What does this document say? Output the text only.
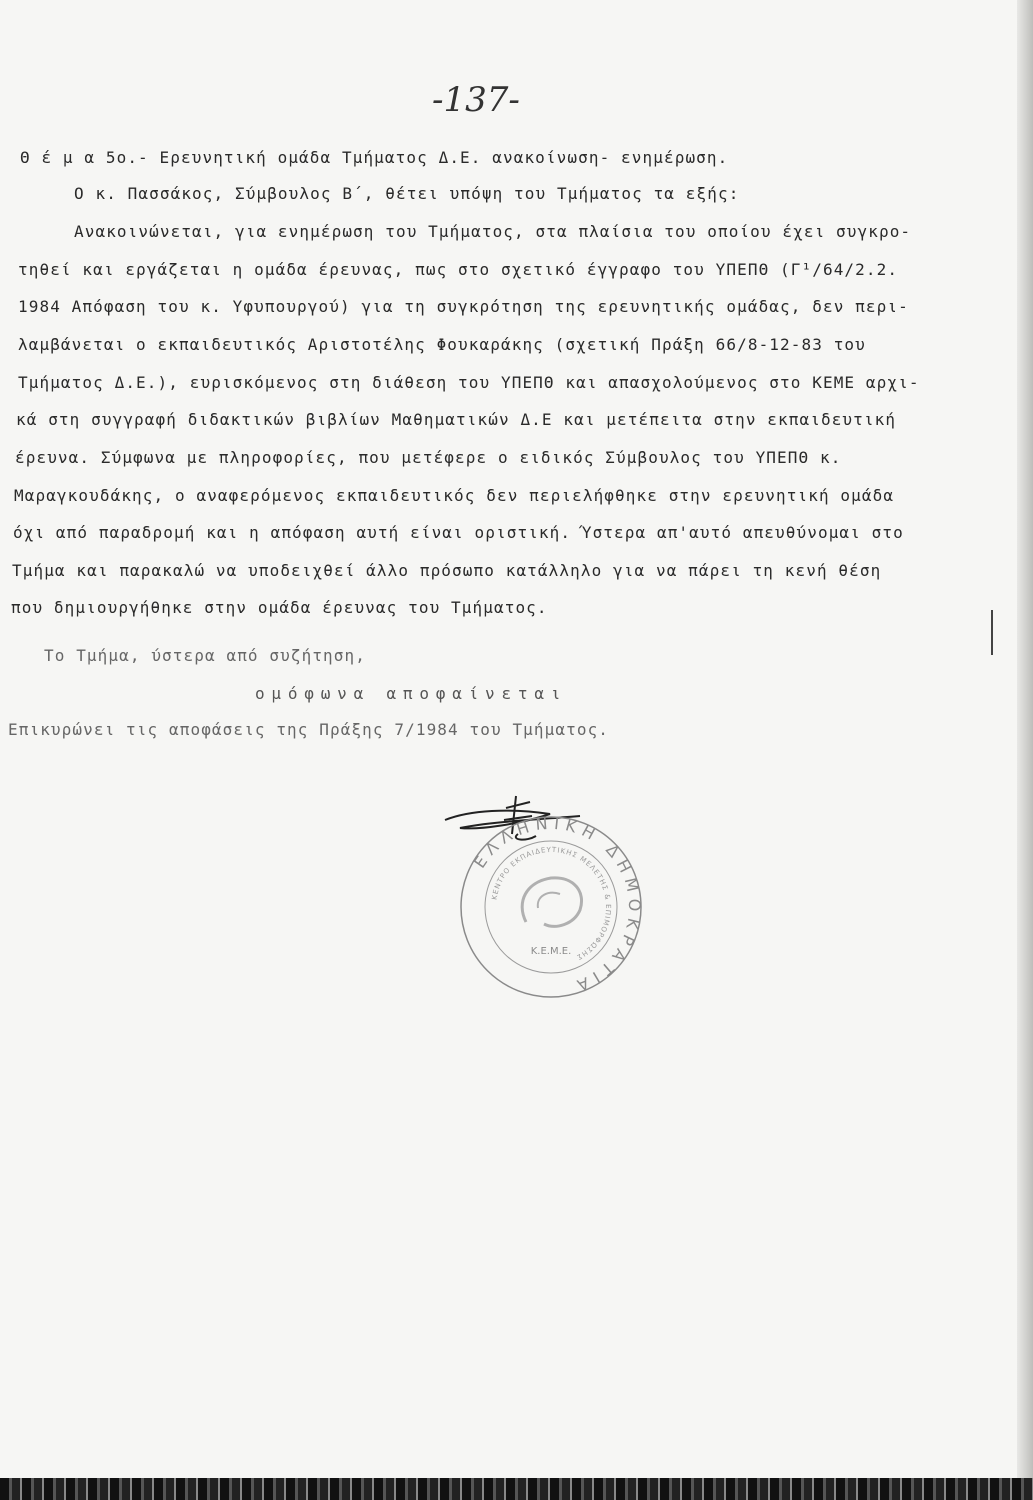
-137-
Θ έ μ α 5ο.- Ερευνητική ομάδα Τμήματος Δ.Ε. ανακοίνωση- ενημέρωση.
Ο κ. Πασσάκος, Σύμβουλος Β΄, θέτει υπόψη του Τμήματος τα εξής:
Ανακοινώνεται, για ενημέρωση του Τμήματος, στα πλαίσια του οποίου έχει συγκρο-
τηθεί και εργάζεται η ομάδα έρευνας, πως στο σχετικό έγγραφο του ΥΠΕΠΘ (Γ¹/64/2.2.
1984 Απόφαση του κ. Υφυπουργού) για τη συγκρότηση της ερευνητικής ομάδας, δεν περι-
λαμβάνεται ο εκπαιδευτικός Αριστοτέλης Φουκαράκης (σχετική Πράξη 66/8-12-83 του
Τμήματος Δ.Ε.), ευρισκόμενος στη διάθεση του ΥΠΕΠΘ και απασχολούμενος στο ΚΕΜΕ αρχι-
κά στη συγγραφή διδακτικών βιβλίων Μαθηματικών Δ.Ε και μετέπειτα στην εκπαιδευτική
έρευνα. Σύμφωνα με πληροφορίες, που μετέφερε ο ειδικός Σύμβουλος του ΥΠΕΠΘ κ.
Μαραγκουδάκης, ο αναφερόμενος εκπαιδευτικός δεν περιελήφθηκε στην ερευνητική ομάδα
όχι από παραδρομή και η απόφαση αυτή είναι οριστική. Ύστερα απ'αυτό απευθύνομαι στο
Τμήμα και παρακαλώ να υποδειχθεί άλλο πρόσωπο κατάλληλο για να πάρει τη κενή θέση
που δημιουργήθηκε στην ομάδα έρευνας του Τμήματος.
Το Τμήμα, ύστερα από συζήτηση,
ομόφωνα αποφαίνεται
Επικυρώνει τις αποφάσεις της Πράξης 7/1984 του Τμήματος.
ΕΛΛΗΝΙΚΗ ΔΗΜΟΚΡΑΤΙΑ
ΚΕΝΤΡΟ ΕΚΠΑΙΔΕΥΤΙΚΗΣ ΜΕΛΕΤΗΣ & ΕΠΙΜΟΡΦΩΣΗΣ
Κ.Ε.Μ.Ε.
